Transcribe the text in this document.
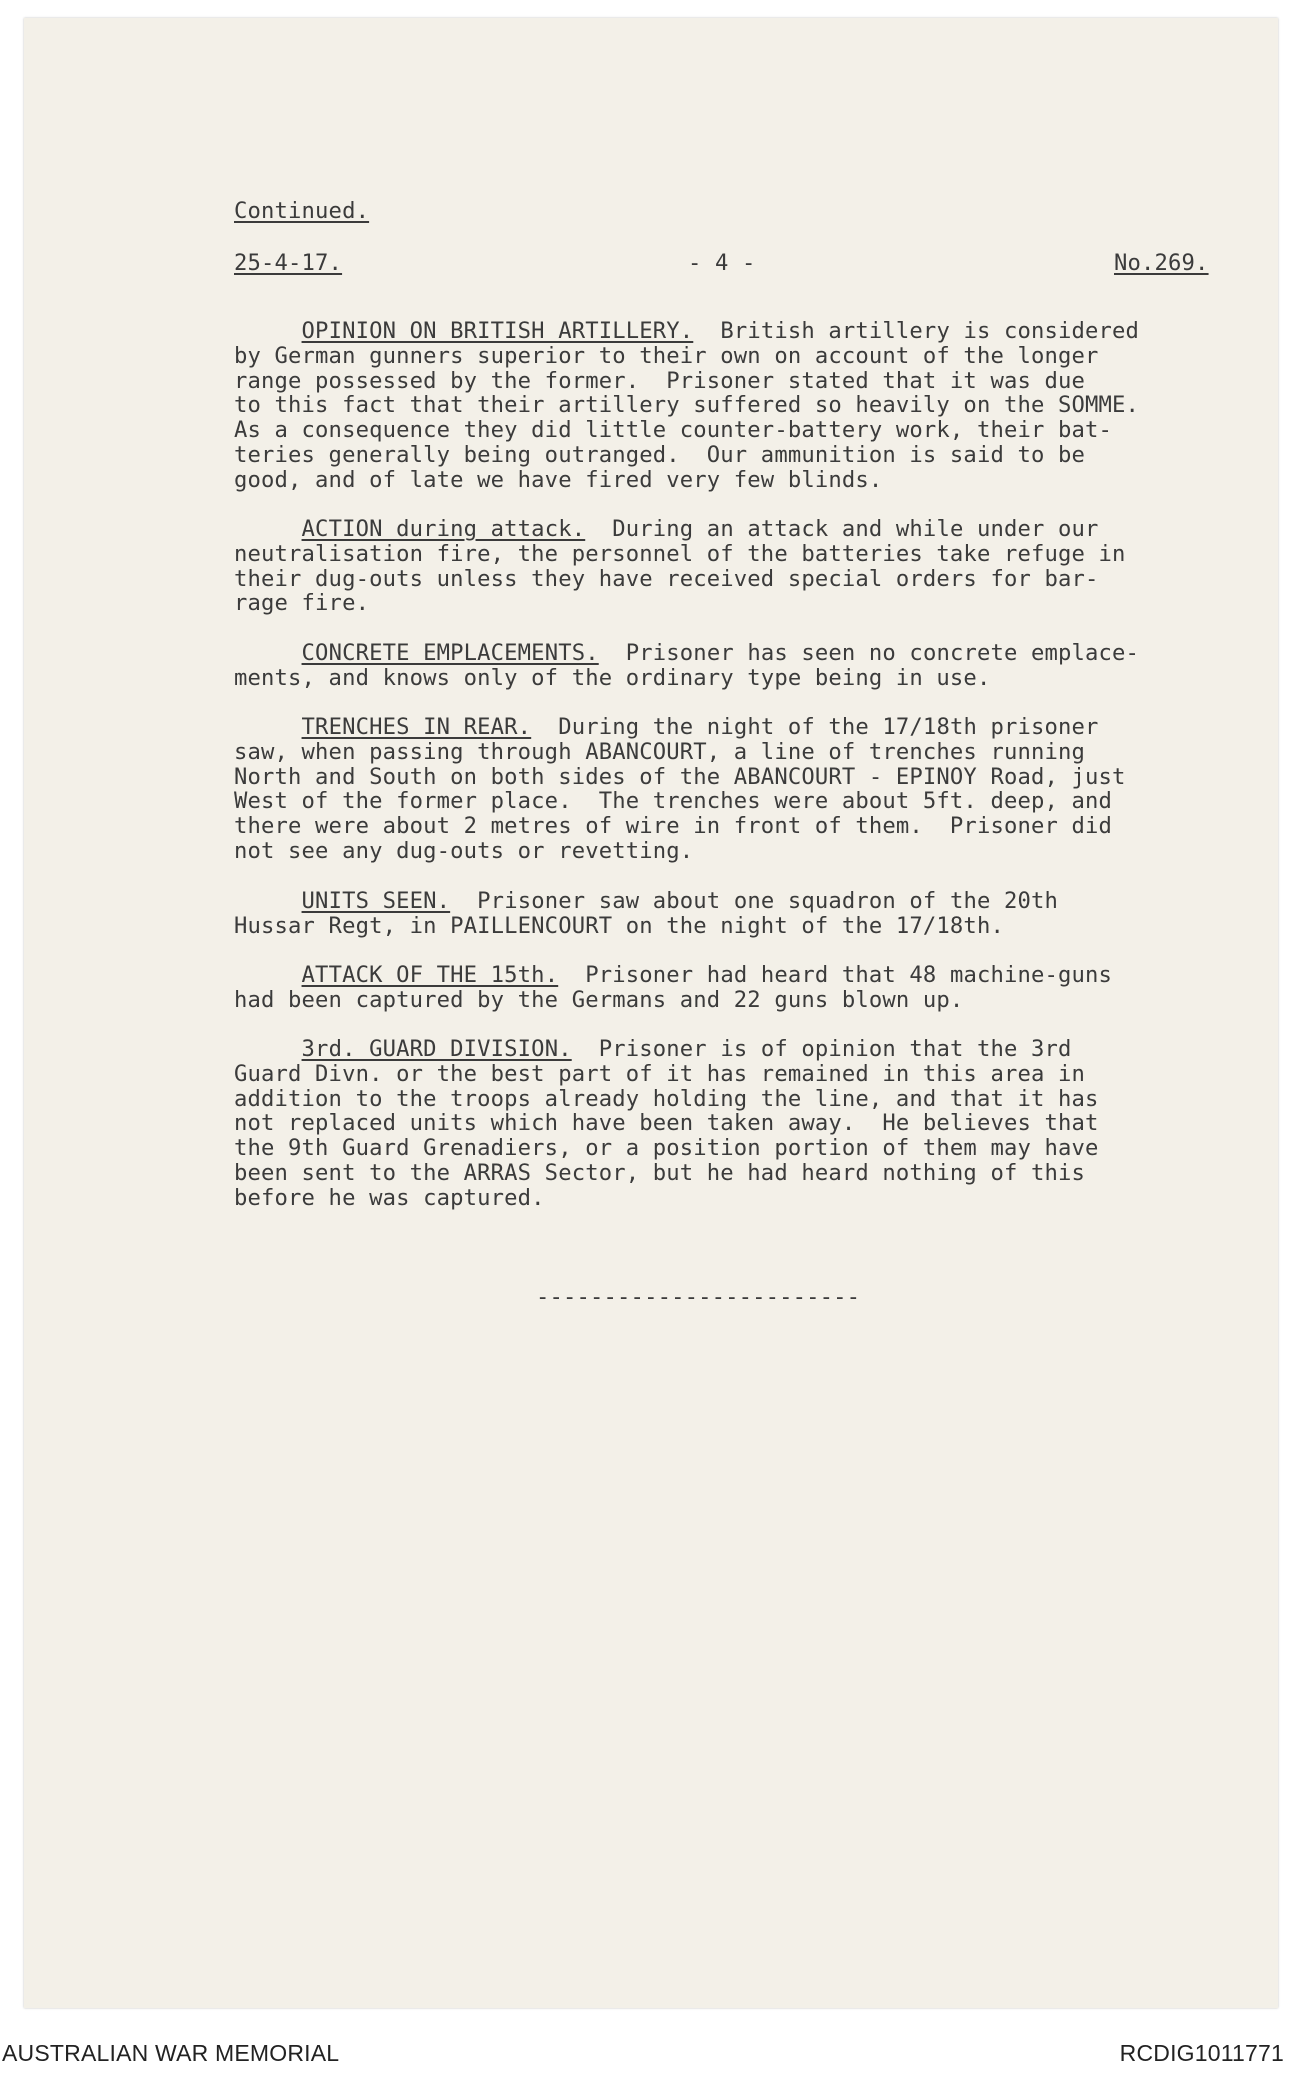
Continued.
25-4-17.	- 4 -	No.269.
OPINION ON BRITISH ARTILLERY. British artillery is considered
by German gunners superior to their own on account of the longer
range possessed by the former.  Prisoner stated that it was due
to this fact that their artillery suffered so heavily on the SOMME.
As a consequence they did little counter-battery work, their bat-
teries generally being outranged.  Our ammunition is said to be
good, and of late we have fired very few blinds.
ACTION during attack. During an attack and while under our
neutralisation fire, the personnel of the batteries take refuge in
their dug-outs unless they have received special orders for bar-
rage fire.
CONCRETE EMPLACEMENTS. Prisoner has seen no concrete emplace-
ments, and knows only of the ordinary type being in use.
TRENCHES IN REAR. During the night of the 17/18th prisoner
saw, when passing through ABANCOURT, a line of trenches running
North and South on both sides of the ABANCOURT - EPINOY Road, just
West of the former place.  The trenches were about 5ft. deep, and
there were about 2 metres of wire in front of them.  Prisoner did
not see any dug-outs or revetting.
UNITS SEEN. Prisoner saw about one squadron of the 20th
Hussar Regt, in PAILLENCOURT on the night of the 17/18th.
ATTACK OF THE 15th. Prisoner had heard that 48 machine-guns
had been captured by the Germans and 22 guns blown up.
3rd. GUARD DIVISION. Prisoner is of opinion that the 3rd
Guard Divn. or the best part of it has remained in this area in
addition to the troops already holding the line, and that it has
not replaced units which have been taken away.  He believes that
the 9th Guard Grenadiers, or a position portion of them may have
been sent to the ARRAS Sector, but he had heard nothing of this
before he was captured.
------------------------
AUSTRALIAN WAR MEMORIAL	RCDIG1011771
